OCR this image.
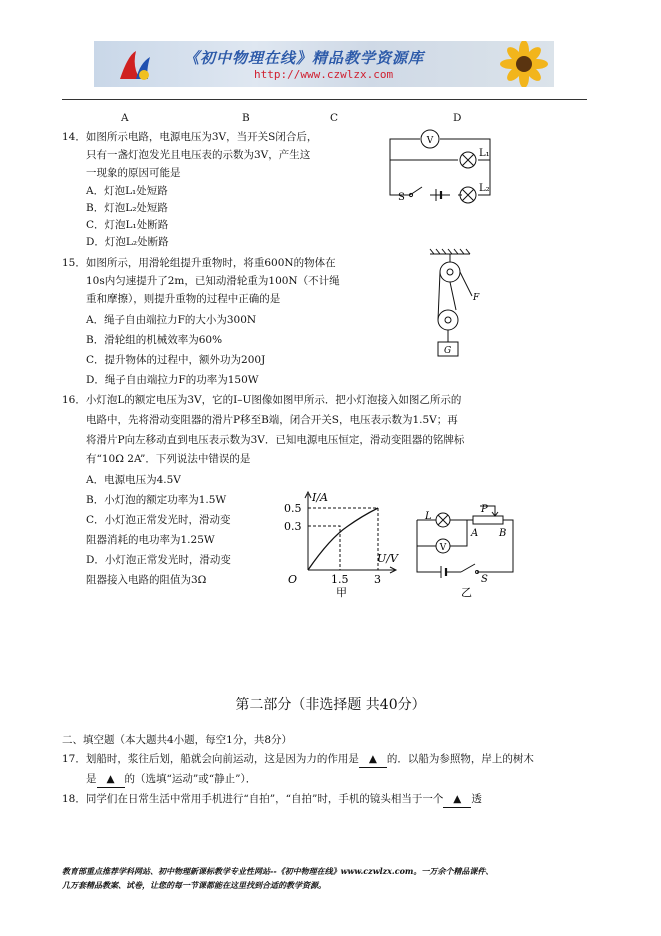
《初中物理在线》精品教学资源库
http://www.czwlzx.com
A	B	C	D
14．如图所示电路，电源电压为3V，当开关S闭合后，
只有一盏灯泡发光且电压表的示数为3V，产生这
一现象的原因可能是
A．灯泡L₁处短路
B．灯泡L₂处短路
C．灯泡L₁处断路
D．灯泡L₂处断路
V
L₁
L₂
S
15．如图所示，用滑轮组提升重物时，将重600N的物体在
10s内匀速提升了2m，已知动滑轮重为100N（不计绳
重和摩擦），则提升重物的过程中正确的是
A．绳子自由端拉力F的大小为300N
B．滑轮组的机械效率为60%
C．提升物体的过程中，额外功为200J
D．绳子自由端拉力F的功率为150W
F
G
16．小灯泡L的额定电压为3V，它的I–U图像如图甲所示．把小灯泡接入如图乙所示的
电路中，先将滑动变阻器的滑片P移至B端，闭合开关S，电压表示数为1.5V；再
将滑片P向左移动直到电压表示数为3V．已知电源电压恒定，滑动变阻器的铭牌标
有“10Ω 2A”．下列说法中错误的是
A．电源电压为4.5V
B．小灯泡的额定功率为1.5W
C．小灯泡正常发光时，滑动变
阻器消耗的电功率为1.25W
D．小灯泡正常发光时，滑动变
阻器接入电路的阻值为3Ω
I/A
U/V
O
0.5
0.3
1.5 3
甲
L
P
A B
V
S
乙
第二部分（非选择题 共40分）
二、填空题（本大题共4小题，每空1分，共8分）
17．划船时，浆往后划，船就会向前运动，这是因为力的作用是 ▲ 的．以船为参照物，岸上的树木
是 ▲ 的（选填“运动”或“静止”）．
18．同学们在日常生活中常用手机进行“自拍”，“自拍”时，手机的镜头相当于一个 ▲ 透
教育部重点推荐学科网站、初中物理新课标教学专业性网站--《初中物理在线》www.czwlzx.com。一万余个精品课件、
几万套精品教案、试卷，让您的每一节课都能在这里找到合适的教学资源。
